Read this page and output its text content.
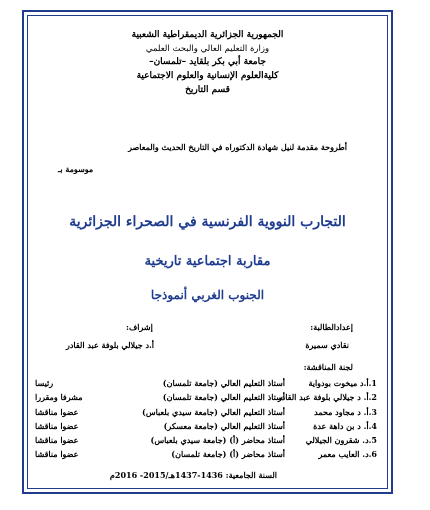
الجمهورية الجزائرية الديمقراطية الشعبية
وزارة التعليم العالي والبحث العلمي
جامعة أبي بكر بلقايد –تلمسان–
كليةالعلوم الإنسانية والعلوم الاجتماعية
قسم التاريخ
أطروحة مقدمة لنيل شهادة الدكتوراه في التاريخ الحديث والمعاصر
موسومة بـ
التجارب النووية الفرنسية في الصحراء الجزائرية
مقاربة اجتماعية تاريخية
الجنوب الغربي أنموذجا
إعدادالطالبة:
نقادي سميرة
إشراف:
أ.د جيلالي بلوفة عبد القادر
لجنة المناقشة:
1.أ.د ميخوت بودواية
أستاذ التعليم العالي (جامعة تلمسان)
رئيسا
2.أ. د جيلالي بلوفة عبد القادر
أستاذ التعليم العالي (جامعة تلمسان)
مشرفا ومقررا
3.أ. د مجاود محمد
أستاذ التعليم العالي (جامعة سيدي بلعباس)
عضوا مناقشا
4.أ. د بن داهة عدة
أستاذ التعليم العالي (جامعة معسكر)
عضوا مناقشا
5.د. شقرون الجيلالي
أستاذ محاضر (أ) (جامعة سيدي بلعباس)
عضوا مناقشا
6.د. العايب معمر
أستاذ محاضر (أ) (جامعة تلمسان)
عضوا مناقشا
السنة الجامعية: 1436-1437هـ/2015- 2016م
